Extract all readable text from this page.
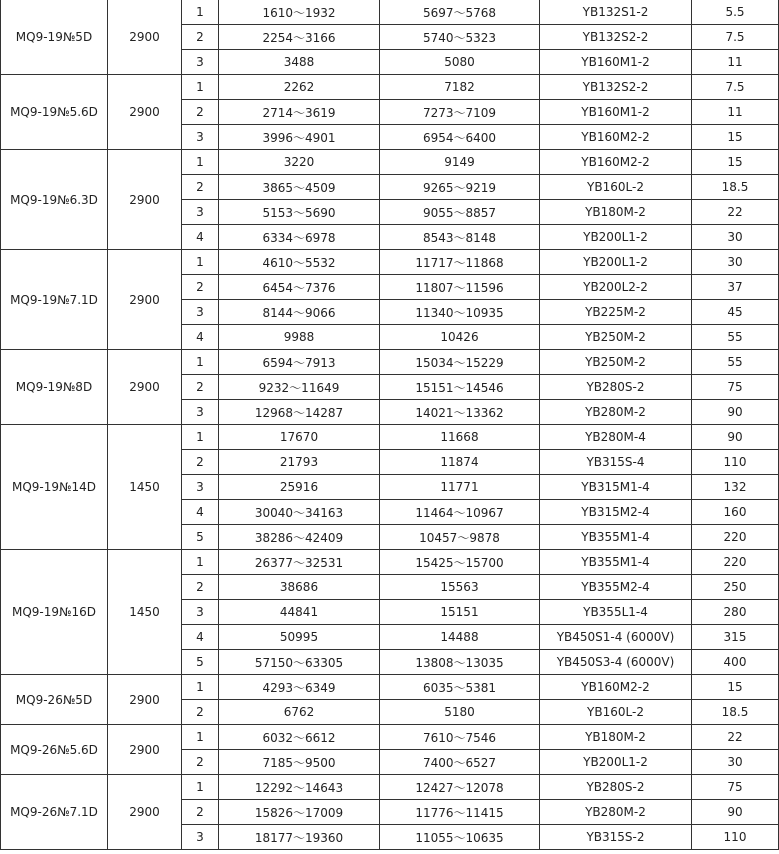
MQ9-19№5D	2900	1	1610～1932	5697～5768	YB132S1-2	5.5
		2	2254～3166	5740～5323	YB132S2-2	7.5
		3	3488	5080	YB160M1-2	11
MQ9-19№5.6D	2900	1	2262	7182	YB132S2-2	7.5
		2	2714～3619	7273～7109	YB160M1-2	11
		3	3996～4901	6954～6400	YB160M2-2	15
MQ9-19№6.3D	2900	1	3220	9149	YB160M2-2	15
		2	3865～4509	9265～9219	YB160L-2	18.5
		3	5153～5690	9055～8857	YB180M-2	22
		4	6334～6978	8543～8148	YB200L1-2	30
MQ9-19№7.1D	2900	1	4610～5532	11717～11868	YB200L1-2	30
		2	6454～7376	11807～11596	YB200L2-2	37
		3	8144～9066	11340～10935	YB225M-2	45
		4	9988	10426	YB250M-2	55
MQ9-19№8D	2900	1	6594～7913	15034～15229	YB250M-2	55
		2	9232～11649	15151～14546	YB280S-2	75
		3	12968～14287	14021～13362	YB280M-2	90
MQ9-19№14D	1450	1	17670	11668	YB280M-4	90
		2	21793	11874	YB315S-4	110
		3	25916	11771	YB315M1-4	132
		4	30040～34163	11464～10967	YB315M2-4	160
		5	38286～42409	10457～9878	YB355M1-4	220
MQ9-19№16D	1450	1	26377～32531	15425～15700	YB355M1-4	220
		2	38686	15563	YB355M2-4	250
		3	44841	15151	YB355L1-4	280
		4	50995	14488	YB450S1-4 (6000V)	315
		5	57150～63305	13808～13035	YB450S3-4 (6000V)	400
MQ9-26№5D	2900	1	4293～6349	6035～5381	YB160M2-2	15
		2	6762	5180	YB160L-2	18.5
MQ9-26№5.6D	2900	1	6032～6612	7610～7546	YB180M-2	22
		2	7185～9500	7400～6527	YB200L1-2	30
MQ9-26№7.1D	2900	1	12292～14643	12427～12078	YB280S-2	75
		2	15826～17009	11776～11415	YB280M-2	90
		3	18177～19360	11055～10635	YB315S-2	110
